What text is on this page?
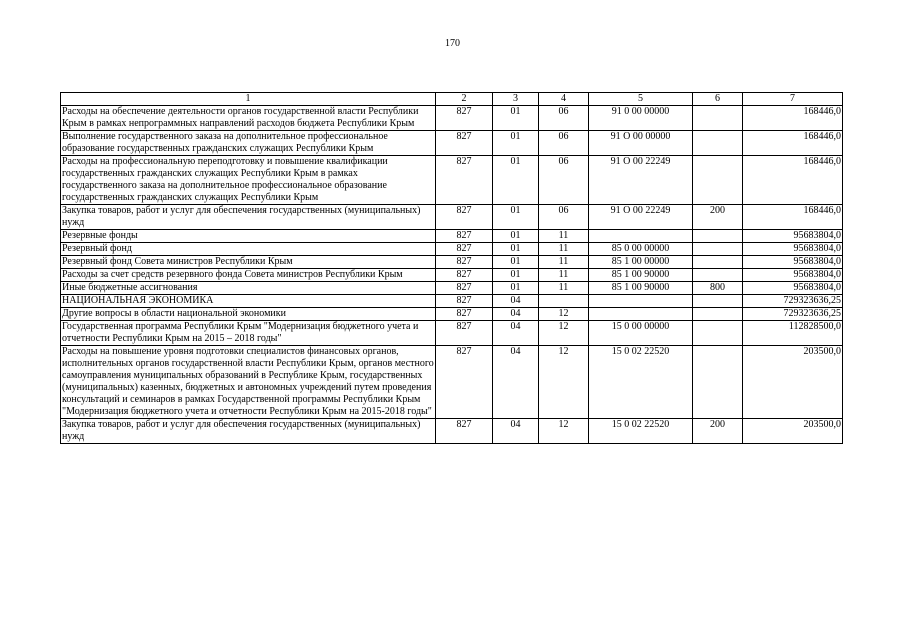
170
1	2	3	4	5	6	7
Расходы на обеспечение деятельности органов государственной власти Республики Крым в рамках непрограммных направлений расходов бюджета Республики Крым	827	01	06	91 0 00 00000		168446,0
Выполнение государственного заказа на дополнительное профессиональное образование государственных гражданских служащих Республики Крым	827	01	06	91 О 00 00000		168446,0
Расходы на профессиональную переподготовку и повышение квалификации государственных гражданских служащих Республики Крым в рамках государственного заказа на дополнительное профессиональное образование государственных гражданских служащих Республики Крым	827	01	06	91 О 00 22249		168446,0
Закупка товаров, работ и услуг для обеспечения государственных (муниципальных) нужд	827	01	06	91 О 00 22249	200	168446,0
Резервные фонды	827	01	11			95683804,0
Резервный фонд	827	01	11	85 0 00 00000		95683804,0
Резервный фонд Совета министров Республики Крым	827	01	11	85 1 00 00000		95683804,0
Расходы за счет средств резервного фонда Совета министров Республики Крым	827	01	11	85 1 00 90000		95683804,0
Иные бюджетные ассигнования	827	01	11	85 1 00 90000	800	95683804,0
НАЦИОНАЛЬНАЯ ЭКОНОМИКА	827	04				729323636,25
Другие вопросы в области национальной экономики	827	04	12			729323636,25
Государственная программа Республики Крым "Модернизация бюджетного учета и отчетности Республики Крым на 2015 – 2018 годы"	827	04	12	15 0 00 00000		112828500,0
Расходы на повышение уровня подготовки специалистов финансовых органов, исполнительных органов государственной власти Республики Крым, органов местного самоуправления муниципальных образований в Республике Крым, государственных (муниципальных) казенных, бюджетных и автономных учреждений путем проведения консультаций и семинаров в рамках Государственной программы Республики Крым "Модернизация бюджетного учета и отчетности Республики Крым на 2015-2018 годы"	827	04	12	15 0 02 22520		203500,0
Закупка товаров, работ и услуг для обеспечения государственных (муниципальных) нужд	827	04	12	15 0 02 22520	200	203500,0
